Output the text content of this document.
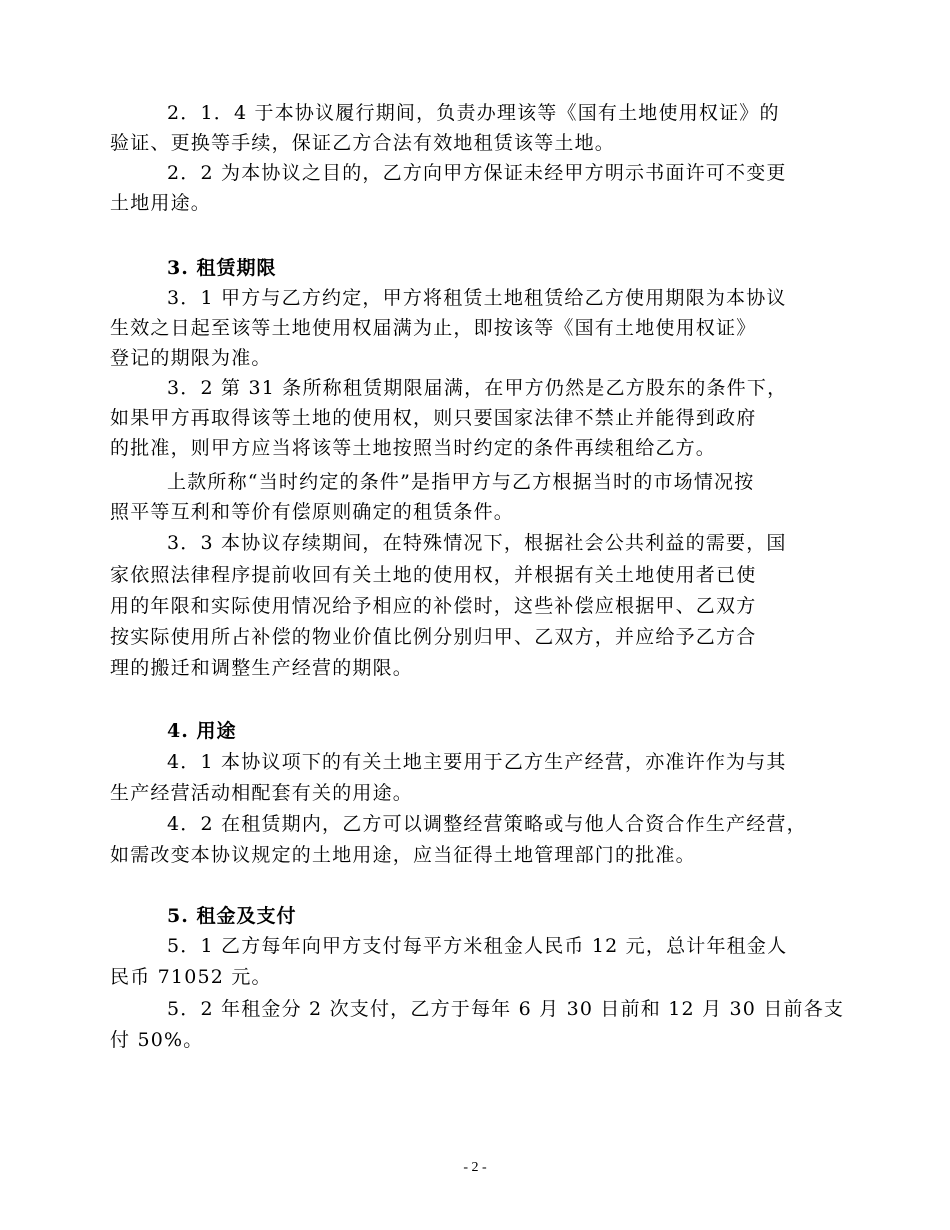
2．1．4 于本协议履行期间，负责办理该等《国有土地使用权证》的
验证、更换等手续，保证乙方合法有效地租赁该等土地。
2．2 为本协议之目的，乙方向甲方保证未经甲方明示书面许可不变更
土地用途。
3. 租赁期限
3．1 甲方与乙方约定，甲方将租赁土地租赁给乙方使用期限为本协议
生效之日起至该等土地使用权届满为止，即按该等《国有土地使用权证》
登记的期限为准。
3．2 第 31 条所称租赁期限届满，在甲方仍然是乙方股东的条件下，
如果甲方再取得该等土地的使用权，则只要国家法律不禁止并能得到政府
的批准，则甲方应当将该等土地按照当时约定的条件再续租给乙方。
上款所称“当时约定的条件”是指甲方与乙方根据当时的市场情况按
照平等互利和等价有偿原则确定的租赁条件。
3．3 本协议存续期间，在特殊情况下，根据社会公共利益的需要，国
家依照法律程序提前收回有关土地的使用权，并根据有关土地使用者已使
用的年限和实际使用情况给予相应的补偿时，这些补偿应根据甲、乙双方
按实际使用所占补偿的物业价值比例分别归甲、乙双方，并应给予乙方合
理的搬迁和调整生产经营的期限。
4. 用途
4．1 本协议项下的有关土地主要用于乙方生产经营，亦准许作为与其
生产经营活动相配套有关的用途。
4．2 在租赁期内，乙方可以调整经营策略或与他人合资合作生产经营，
如需改变本协议规定的土地用途，应当征得土地管理部门的批准。
5. 租金及支付
5．1 乙方每年向甲方支付每平方米租金人民币 12 元，总计年租金人
民币 71052 元。
5．2 年租金分 2 次支付，乙方于每年 6 月 30 日前和 12 月 30 日前各支
付 50%。
- 2 -
